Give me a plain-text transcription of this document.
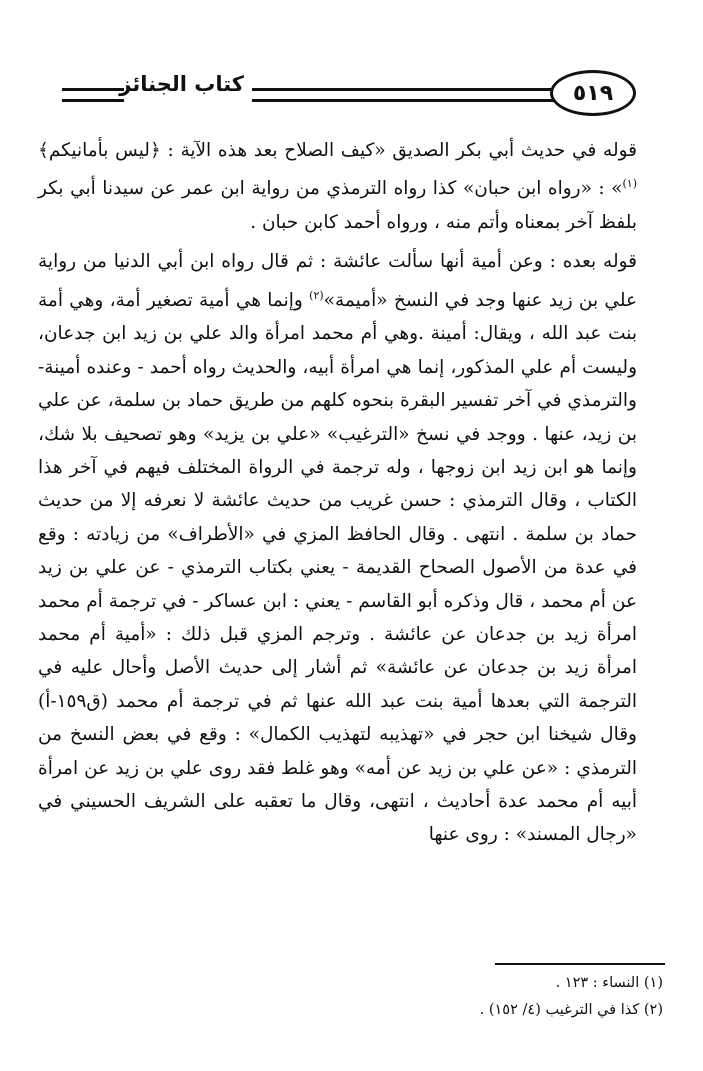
كتاب الجنائز	٥١٩

قوله في حديث أبي بكر الصديق «كيف الصلاح بعد هذه الآية : ﴿ليس بأمانيكم﴾$^{(١)}$» : «رواه ابن حبان» كذا رواه الترمذي من رواية ابن عمر عن سيدنا أبي بكر بلفظ آخر بمعناه وأتم منه ، ورواه أحمد كابن حبان .

قوله بعده : وعن أمية أنها سألت عائشة : ثم قال رواه ابن أبي الدنيا من رواية علي بن زيد عنها وجد في النسخ «أميمة»$^{(٢)}$ وإنما هي أمية تصغير أمة، وهي أمة بنت عبد الله ، ويقال: أمينة .وهي أم محمد امرأة والد علي بن زيد ابن جدعان، وليست أم علي المذكور، إنما هي امرأة أبيه، والحديث رواه أحمد - وعنده أمينة- والترمذي في آخر تفسير البقرة بنحوه كلهم من طريق حماد بن سلمة، عن علي بن زيد، عنها . ووجد في نسخ «الترغيب» «علي بن يزيد» وهو تصحيف بلا شك، وإنما هو ابن زيد ابن زوجها ، وله ترجمة في الرواة المختلف فيهم في آخر هذا الكتاب ، وقال الترمذي : حسن غريب من حديث عائشة لا نعرفه إلا من حديث حماد بن سلمة . انتهى . وقال الحافظ المزي في «الأطراف» من زيادته : وقع في عدة من الأصول الصحاح القديمة - يعني بكتاب الترمذي - عن علي بن زيد عن أم محمد ، قال وذكره أبو القاسم - يعني : ابن عساكر - في ترجمة أم محمد امرأة زيد بن جدعان عن عائشة . وترجم المزي قبل ذلك : «أمية أم محمد امرأة زيد بن جدعان عن عائشة» ثم أشار إلى حديث الأصل وأحال عليه في الترجمة التي بعدها أمية بنت عبد الله عنها ثم في ترجمة أم محمد (ق١٥٩-أ) وقال شيخنا ابن حجر في «تهذيبه لتهذيب الكمال» : وقع في بعض النسخ من الترمذي : «عن علي بن زيد عن أمه» وهو غلط فقد روى علي بن زيد عن امرأة أبيه أم محمد عدة أحاديث ، انتهى، وقال ما تعقبه على الشريف الحسيني في «رجال المسند» : روى عنها

(١) النساء : ١٢٣ .
(٢) كذا في الترغيب (٤/ ١٥٢) .
